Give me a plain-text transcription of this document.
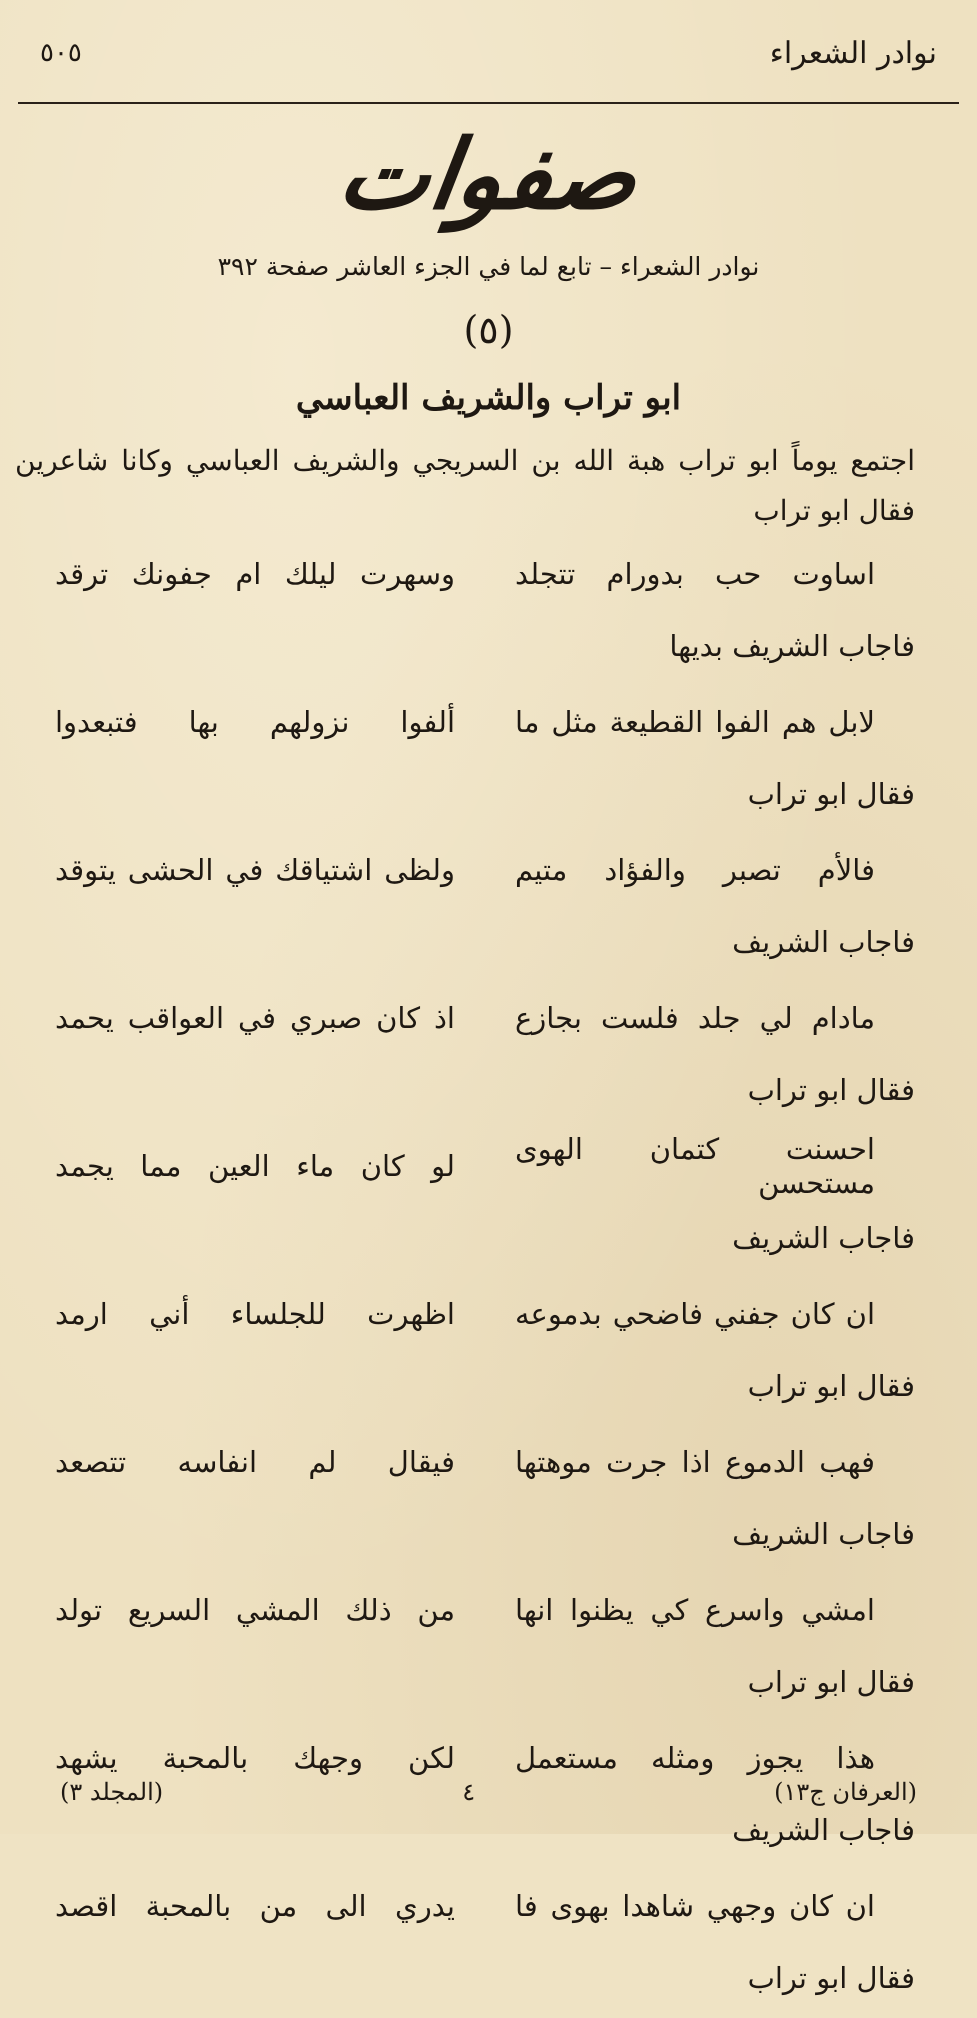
نوادر الشعراء
٥٠٥
صفوات
نوادر الشعراء – تابع لما في الجزء العاشر صفحة ٣٩٢
(٥)
ابو تراب والشريف العباسي
اجتمع يوماً ابو تراب هبة الله بن السريجي والشريف العباسي وكانا شاعرين
فقال ابو تراب
اساوت حب بدورام تتجلد
وسهرت ليلك ام جفونك ترقد
فاجاب الشريف بديها
لابل هم الفوا القطيعة مثل ما
ألفوا نزولهم بها فتبعدوا
فقال ابو تراب
فالأم تصبر والفؤاد متيم
ولظى اشتياقك في الحشى يتوقد
فاجاب الشريف
مادام لي جلد فلست بجازع
اذ كان صبري في العواقب يحمد
فقال ابو تراب
احسنت كتمان الهوى مستحسن
لو كان ماء العين مما يجمد
فاجاب الشريف
ان كان جفني فاضحي بدموعه
اظهرت للجلساء أني ارمد
فقال ابو تراب
فهب الدموع اذا جرت موهتها
فيقال لم انفاسه تتصعد
فاجاب الشريف
امشي واسرع كي يظنوا انها
من ذلك المشي السريع تولد
فقال ابو تراب
هذا يجوز ومثله مستعمل
لكن وجهك بالمحبة يشهد
فاجاب الشريف
ان كان وجهي شاهدا بهوى فا
يدري الى من بالمحبة اقصد
فقال ابو تراب
(العرفان ج١٣)
٤
(المجلد ٣)
